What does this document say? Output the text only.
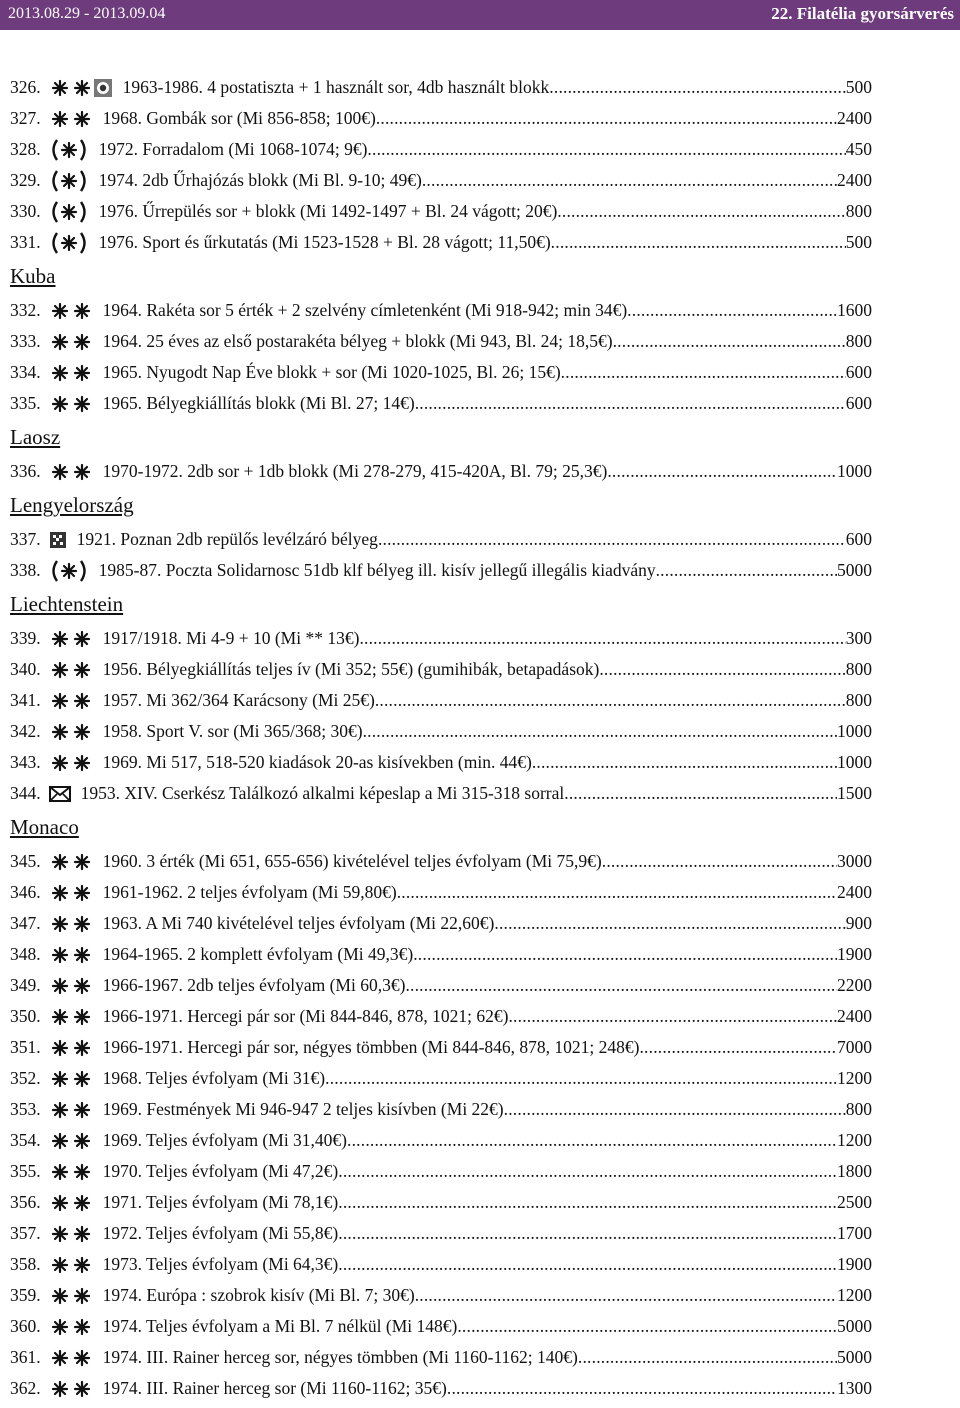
2013.08.29 - 2013.09.04	22. Filatélia gyorsárverés
326.	1963-1986. 4 postatiszta + 1 használt sor, 4db használt blokk .....	500
327.	1968. Gombák sor (Mi 856-858; 100€) .....	2400
328.	1972. Forradalom (Mi 1068-1074; 9€) .....	450
329.	1974. 2db Űrhajózás blokk (Mi Bl. 9-10; 49€) .....	2400
330.	1976. Űrrepülés sor + blokk (Mi 1492-1497 + Bl. 24 vágott; 20€) .....	800
331.	1976. Sport és űrkutatás (Mi 1523-1528 + Bl. 28 vágott; 11,50€) .....	500
Kuba
332.	1964. Rakéta sor 5 érték + 2 szelvény címletenként (Mi 918-942; min 34€) .....	1600
333.	1964. 25 éves az első postarakéta bélyeg + blokk (Mi 943, Bl. 24; 18,5€) .....	800
334.	1965. Nyugodt Nap Éve blokk + sor (Mi 1020-1025, Bl. 26; 15€) .....	600
335.	1965. Bélyegkiállítás blokk (Mi Bl. 27; 14€) .....	600
Laosz
336.	1970-1972. 2db sor + 1db blokk (Mi 278-279, 415-420A, Bl. 79; 25,3€) .....	1000
Lengyelország
337. 1921. Poznan 2db repülős levélzáró bélyeg .....	600
338.	1985-87. Poczta Solidarnosc 51db klf bélyeg ill. kisív jellegű illegális kiadvány .....	5000
Liechtenstein
339.	1917/1918. Mi 4-9 + 10 (Mi ** 13€) .....	300
340.	1956. Bélyegkiállítás teljes ív (Mi 352; 55€) (gumihibák, betapadások) .....	800
341.	1957. Mi 362/364 Karácsony (Mi 25€) .....	800
342.	1958. Sport V. sor (Mi 365/368; 30€) .....	1000
343.	1969. Mi 517, 518-520 kiadások 20-as kisívekben (min. 44€) .....	1000
344. 1953. XIV. Cserkész Találkozó alkalmi képeslap a Mi 315-318 sorral .....	1500
Monaco
345.	1960. 3 érték (Mi 651, 655-656) kivételével teljes évfolyam (Mi 75,9€) .....	3000
346.	1961-1962. 2 teljes évfolyam (Mi 59,80€) .....	2400
347.	1963. A Mi 740 kivételével teljes évfolyam (Mi 22,60€) .....	900
348.	1964-1965. 2 komplett évfolyam (Mi 49,3€) .....	1900
349.	1966-1967. 2db teljes évfolyam (Mi 60,3€) .....	2200
350.	1966-1971. Hercegi pár sor (Mi 844-846, 878, 1021; 62€) .....	2400
351.	1966-1971. Hercegi pár sor, négyes tömbben (Mi 844-846, 878, 1021; 248€) .....	7000
352.	1968. Teljes évfolyam (Mi 31€) .....	1200
353.	1969. Festmények Mi 946-947 2 teljes kisívben (Mi 22€) .....	800
354.	1969. Teljes évfolyam (Mi 31,40€) .....	1200
355.	1970. Teljes évfolyam (Mi 47,2€) .....	1800
356.	1971. Teljes évfolyam (Mi 78,1€) .....	2500
357.	1972. Teljes évfolyam (Mi 55,8€) .....	1700
358.	1973. Teljes évfolyam (Mi 64,3€) .....	1900
359.	1974. Európa : szobrok kisív (Mi Bl. 7; 30€) .....	1200
360.	1974. Teljes évfolyam a Mi Bl. 7 nélkül (Mi 148€) .....	5000
361.	1974. III. Rainer herceg sor, négyes tömbben (Mi 1160-1162; 140€) .....	5000
362.	1974. III. Rainer herceg sor (Mi 1160-1162; 35€) .....	1300
